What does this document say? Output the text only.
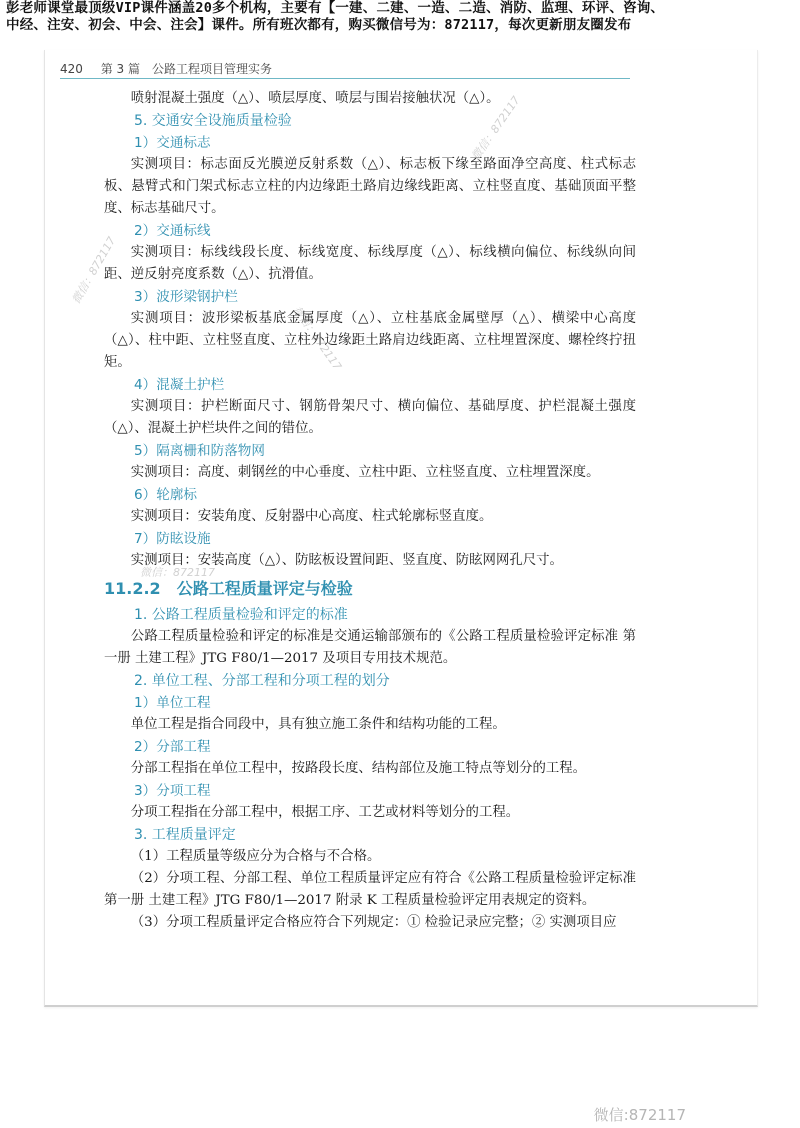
彭老师课堂最顶级VIP课件涵盖20多个机构，主要有【一建、二建、一造、二造、消防、监理、环评、咨询、
中经、注安、初会、中会、注会】课件。所有班次都有，购买微信号为：872117，每次更新朋友圈发布
420 第 3 篇　公路工程项目管理实务

喷射混凝土强度（△）、喷层厚度、喷层与围岩接触状况（△）。

5. 交通安全设施质量检验
1）交通标志

实测项目：标志面反光膜逆反射系数（△）、标志板下缘至路面净空高度、柱式标志板、悬臂式和门架式标志立柱的内边缘距土路肩边缘线距离、立柱竖直度、基础顶面平整度、标志基础尺寸。

2）交通标线

实测项目：标线线段长度、标线宽度、标线厚度（△）、标线横向偏位、标线纵向间距、逆反射亮度系数（△）、抗滑值。

3）波形梁钢护栏

实测项目：波形梁板基底金属厚度（△）、立柱基底金属壁厚（△）、横梁中心高度（△）、柱中距、立柱竖直度、立柱外边缘距土路肩边线距离、立柱埋置深度、螺栓终拧扭矩。

4）混凝土护栏

实测项目：护栏断面尺寸、钢筋骨架尺寸、横向偏位、基础厚度、护栏混凝土强度（△）、混凝土护栏块件之间的错位。

5）隔离栅和防落物网

实测项目：高度、刺钢丝的中心垂度、立柱中距、立柱竖直度、立柱埋置深度。

6）轮廓标

实测项目：安装角度、反射器中心高度、柱式轮廓标竖直度。

7）防眩设施

实测项目：安装高度（△）、防眩板设置间距、竖直度、防眩网网孔尺寸。

11.2.2 公路工程质量评定与检验
1. 公路工程质量检验和评定的标准

公路工程质量检验和评定的标准是交通运输部颁布的《公路工程质量检验评定标准 第一册 土建工程》JTG F80/1—2017 及项目专用技术规范。

2. 单位工程、分部工程和分项工程的划分
1）单位工程

单位工程是指合同段中，具有独立施工条件和结构功能的工程。

2）分部工程

分部工程指在单位工程中，按路段长度、结构部位及施工特点等划分的工程。

3）分项工程

分项工程指在分部工程中，根据工序、工艺或材料等划分的工程。

3. 工程质量评定

（1）工程质量等级应分为合格与不合格。

（2）分项工程、分部工程、单位工程质量评定应有符合《公路工程质量检验评定标准 第一册 土建工程》JTG F80/1—2017 附录 K 工程质量检验评定用表规定的资料。

（3）分项工程质量评定合格应符合下列规定：① 检验记录应完整；② 实测项目应

微信：872117
微信：872117
微信：872117
微信：872117
微信:872117
